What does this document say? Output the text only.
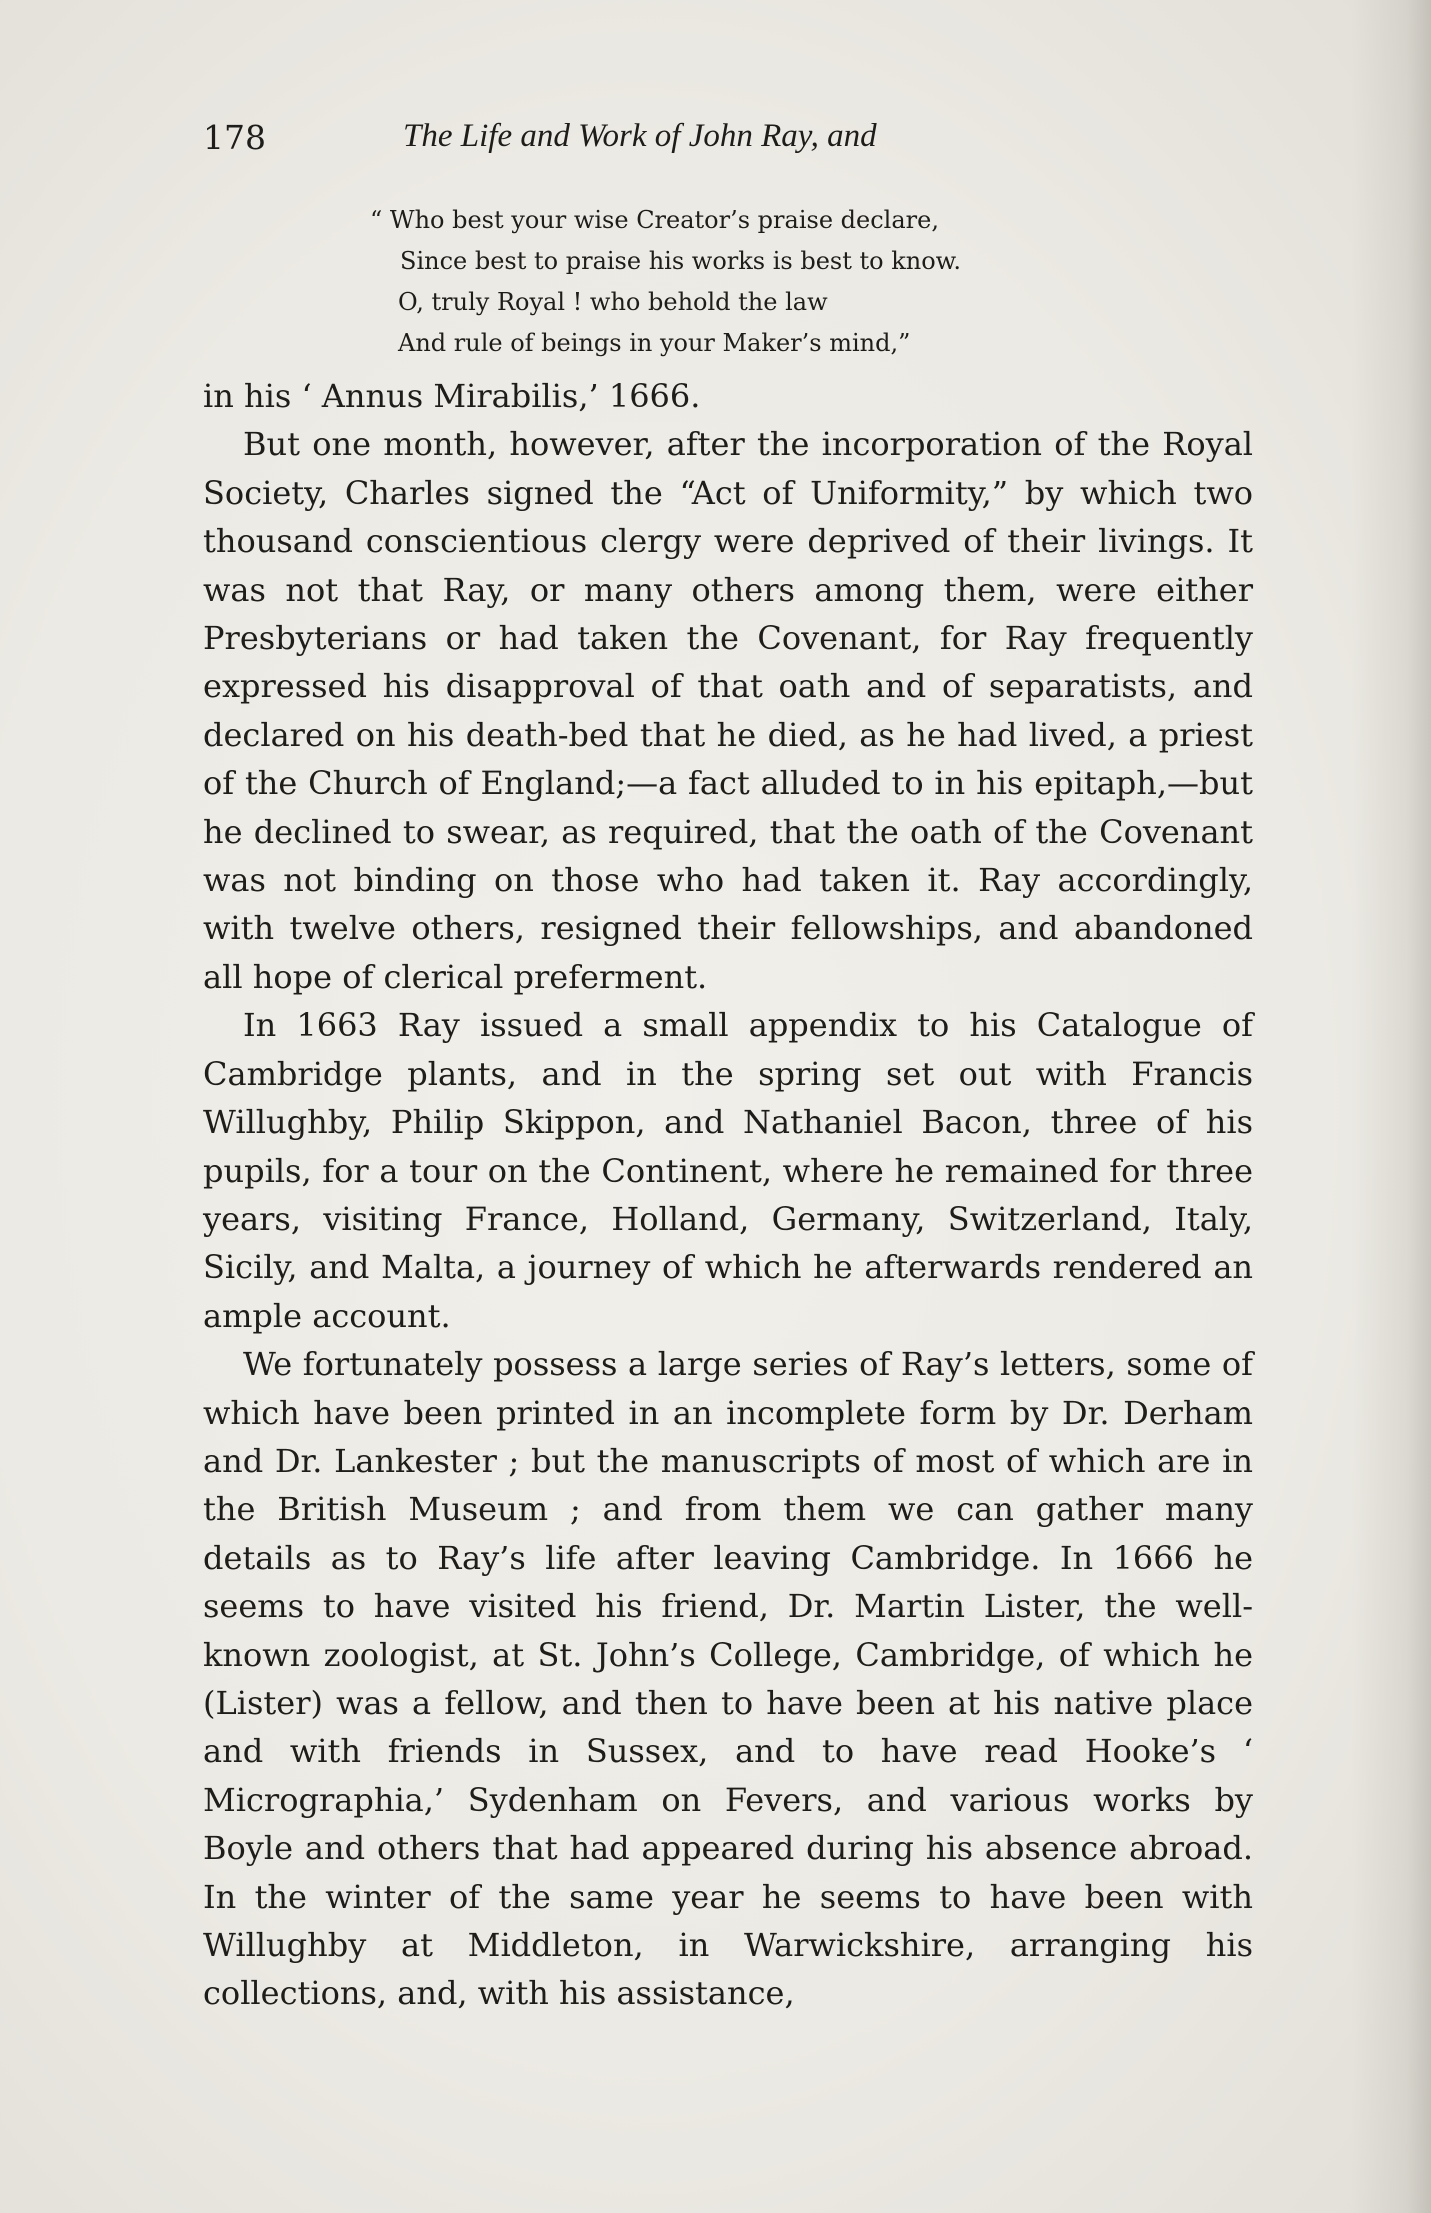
178	The Life and Work of John Ray, and
“ Who best your wise Creator’s praise declare,
Since best to praise his works is best to know.
O, truly Royal ! who behold the law
And rule of beings in your Maker’s mind,”

in his ‘ Annus Mirabilis,’ 1666.

But one month, however, after the incorporation of the Royal Society, Charles signed the “Act of Uniformity,” by which two thousand conscientious clergy were deprived of their livings. It was not that Ray, or many others among them, were either Presbyterians or had taken the Covenant, for Ray frequently expressed his disapproval of that oath and of separatists, and declared on his death-bed that he died, as he had lived, a priest of the Church of England;—a fact alluded to in his epitaph,—but he declined to swear, as required, that the oath of the Covenant was not binding on those who had taken it. Ray accordingly, with twelve others, resigned their fellowships, and abandoned all hope of clerical preferment.

In 1663 Ray issued a small appendix to his Catalogue of Cambridge plants, and in the spring set out with Francis Willughby, Philip Skippon, and Nathaniel Bacon, three of his pupils, for a tour on the Continent, where he remained for three years, visiting France, Holland, Germany, Switzerland, Italy, Sicily, and Malta, a journey of which he afterwards rendered an ample account.

We fortunately possess a large series of Ray’s letters, some of which have been printed in an incomplete form by Dr. Derham and Dr. Lankester ; but the manuscripts of most of which are in the British Museum ; and from them we can gather many details as to Ray’s life after leaving Cambridge. In 1666 he seems to have visited his friend, Dr. Martin Lister, the well-known zoologist, at St. John’s College, Cambridge, of which he (Lister) was a fellow, and then to have been at his native place and with friends in Sussex, and to have read Hooke’s ‘ Micrographia,’ Sydenham on Fevers, and various works by Boyle and others that had appeared during his absence abroad. In the winter of the same year he seems to have been with Willughby at Middleton, in Warwickshire, arranging his collections, and, with his assistance,
